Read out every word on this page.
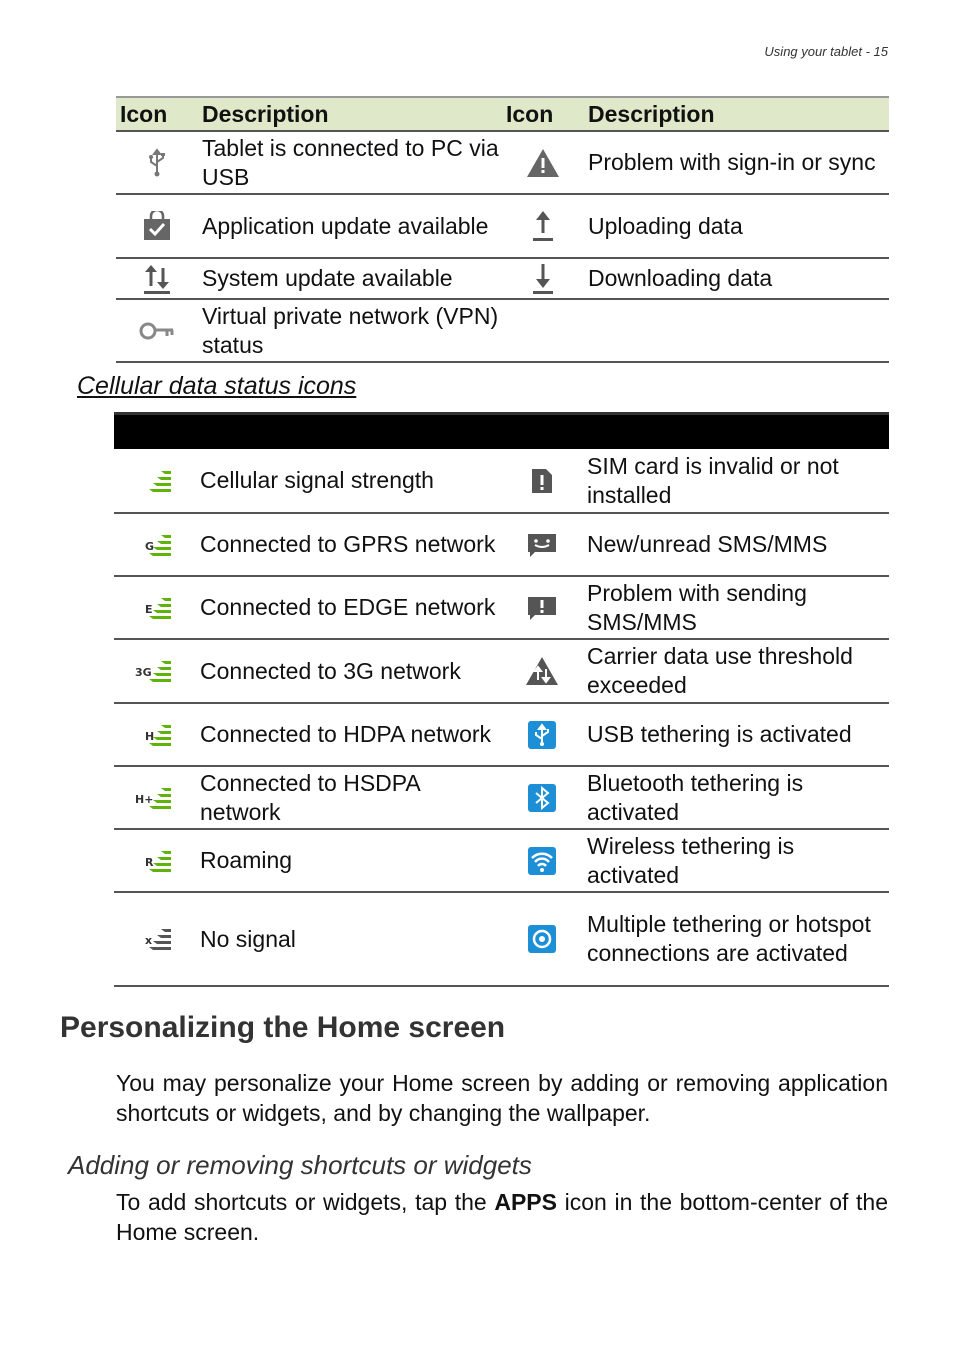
Using your tablet - 15
Icon	Description	Icon	Description

	Tablet is connected to PC via USB		Problem with sign-in or sync

	Application update available		Uploading data

	System update available		Downloading data

	Virtual private network (VPN) status		
Cellular data status icons

	Cellular signal strength		SIM card is invalid or not installed

G	Connected to GPRS network		New/unread SMS/MMS

E	Connected to EDGE network		Problem with sending SMS/MMS

3G	Connected to 3G network		Carrier data use threshold exceeded

H	Connected to HDPA network		USB tethering is activated

H+	Connected to HSDPA network		Bluetooth tethering is activated

R	Roaming		Wireless tethering is activated

x	No signal		Multiple tethering or hotspot connections are activated
Personalizing the Home screen
You may personalize your Home screen by adding or removing application shortcuts or widgets, and by changing the wallpaper.
Adding or removing shortcuts or widgets
To add shortcuts or widgets, tap the APPS icon in the bottom-center of the Home screen.
